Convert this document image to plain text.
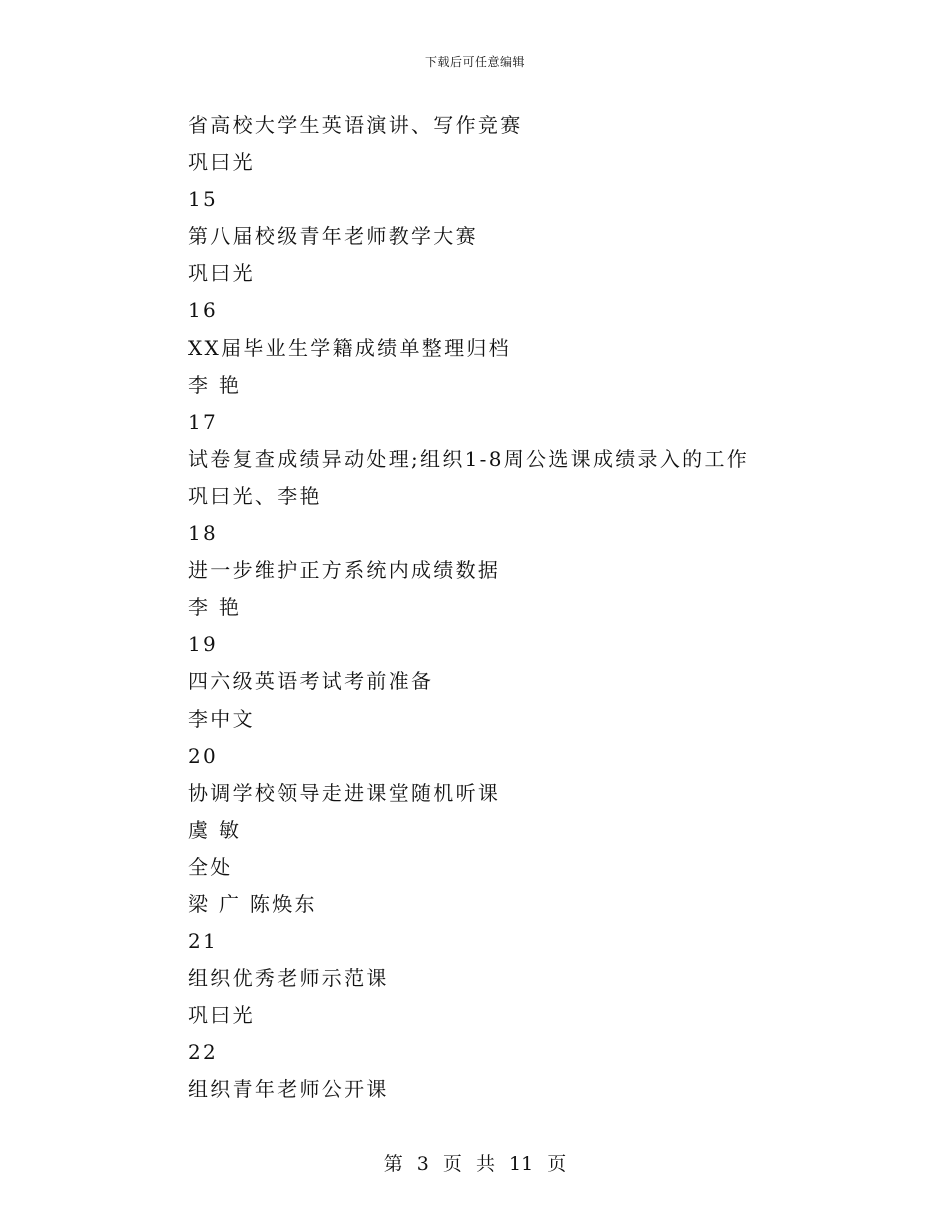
下载后可任意编辑
省高校大学生英语演讲、写作竞赛
巩曰光
15
第八届校级青年老师教学大赛
巩曰光
16
XX届毕业生学籍成绩单整理归档
李 艳
17
试卷复查成绩异动处理;组织1-8周公选课成绩录入的工作
巩曰光、李艳
18
进一步维护正方系统内成绩数据
李 艳
19
四六级英语考试考前准备
李中文
20
协调学校领导走进课堂随机听课
虞 敏
全处
梁 广 陈焕东
21
组织优秀老师示范课
巩曰光
22
组织青年老师公开课
第 3 页 共 11 页
